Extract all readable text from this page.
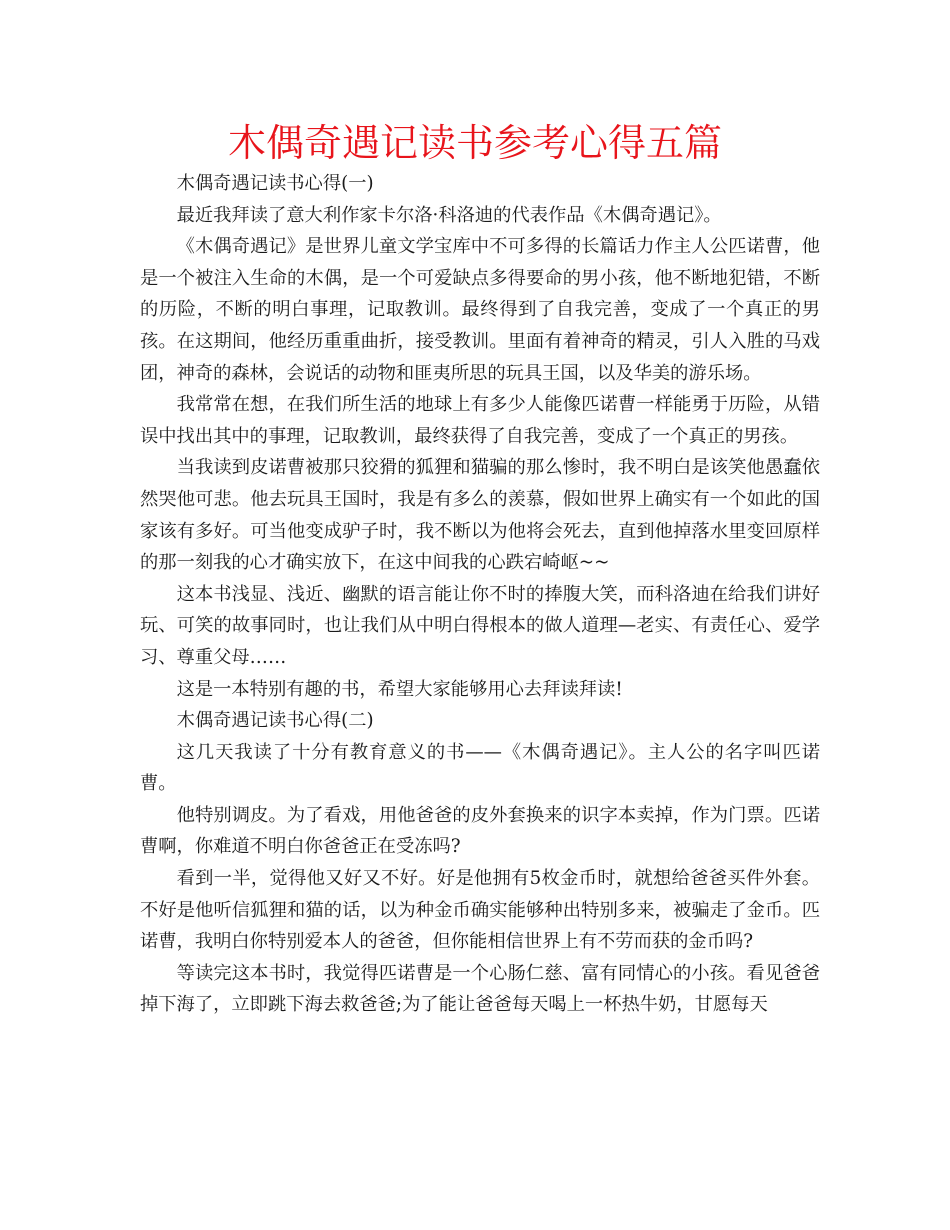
木偶奇遇记读书参考心得五篇

木偶奇遇记读书心得(一)

最近我拜读了意大利作家卡尔洛·科洛迪的代表作品《木偶奇遇记》。

《木偶奇遇记》是世界儿童文学宝库中不可多得的长篇话力作主人公匹诺曹，他是一个被注入生命的木偶，是一个可爱缺点多得要命的男小孩，他不断地犯错，不断的历险，不断的明白事理，记取教训。最终得到了自我完善，变成了一个真正的男孩。在这期间，他经历重重曲折，接受教训。里面有着神奇的精灵，引人入胜的马戏团，神奇的森林，会说话的动物和匪夷所思的玩具王国，以及华美的游乐场。

我常常在想，在我们所生活的地球上有多少人能像匹诺曹一样能勇于历险，从错误中找出其中的事理，记取教训，最终获得了自我完善，变成了一个真正的男孩。

当我读到皮诺曹被那只狡猾的狐狸和猫骗的那么惨时，我不明白是该笑他愚蠢依然哭他可悲。他去玩具王国时，我是有多么的羡慕，假如世界上确实有一个如此的国家该有多好。可当他变成驴子时，我不断以为他将会死去，直到他掉落水里变回原样的那一刻我的心才确实放下，在这中间我的心跌宕崎岖~~

这本书浅显、浅近、幽默的语言能让你不时的捧腹大笑，而科洛迪在给我们讲好玩、可笑的故事同时，也让我们从中明白得根本的做人道理—老实、有责任心、爱学习、尊重父母……

这是一本特别有趣的书，希望大家能够用心去拜读拜读!

木偶奇遇记读书心得(二)

这几天我读了十分有教育意义的书——《木偶奇遇记》。主人公的名字叫匹诺曹。

他特别调皮。为了看戏，用他爸爸的皮外套换来的识字本卖掉，作为门票。匹诺曹啊，你难道不明白你爸爸正在受冻吗?

看到一半，觉得他又好又不好。好是他拥有5枚金币时，就想给爸爸买件外套。不好是他听信狐狸和猫的话，以为种金币确实能够种出特别多来，被骗走了金币。匹诺曹，我明白你特别爱本人的爸爸，但你能相信世界上有不劳而获的金币吗?

等读完这本书时，我觉得匹诺曹是一个心肠仁慈、富有同情心的小孩。看见爸爸掉下海了，立即跳下海去救爸爸;为了能让爸爸每天喝上一杯热牛奶，甘愿每天
